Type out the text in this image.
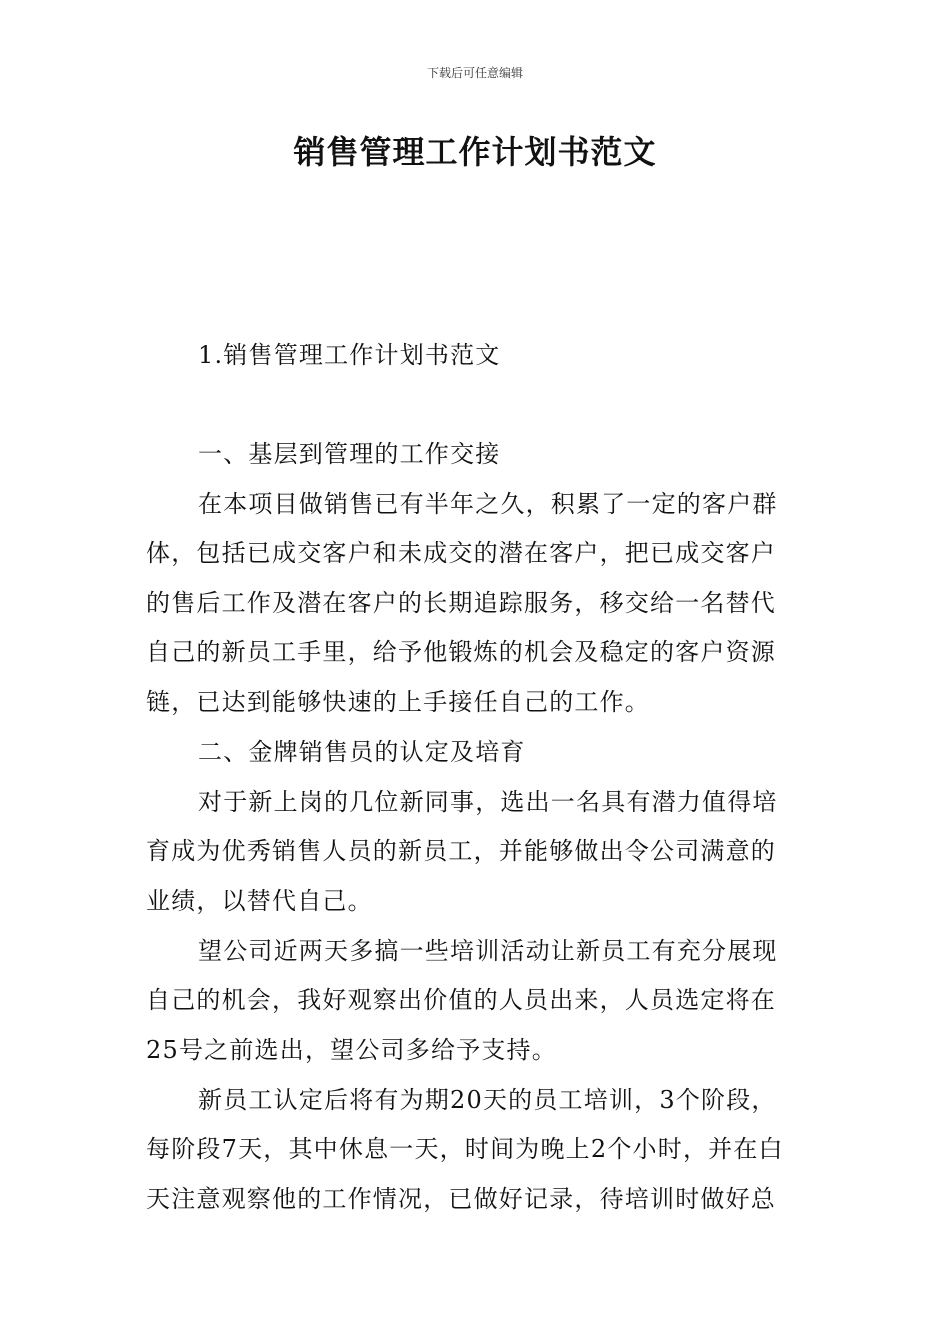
下载后可任意编辑
销售管理工作计划书范文
1.销售管理工作计划书范文
一、基层到管理的工作交接
在本项目做销售已有半年之久，积累了一定的客户群
体，包括已成交客户和未成交的潜在客户，把已成交客户
的售后工作及潜在客户的长期追踪服务，移交给一名替代
自己的新员工手里，给予他锻炼的机会及稳定的客户资源
链，已达到能够快速的上手接任自己的工作。
二、金牌销售员的认定及培育
对于新上岗的几位新同事，选出一名具有潜力值得培
育成为优秀销售人员的新员工，并能够做出令公司满意的
业绩，以替代自己。
望公司近两天多搞一些培训活动让新员工有充分展现
自己的机会，我好观察出价值的人员出来，人员选定将在
25号之前选出，望公司多给予支持。
新员工认定后将有为期20天的员工培训，3个阶段，
每阶段7天，其中休息一天，时间为晚上2个小时，并在白
天注意观察他的工作情况，已做好记录，待培训时做好总
